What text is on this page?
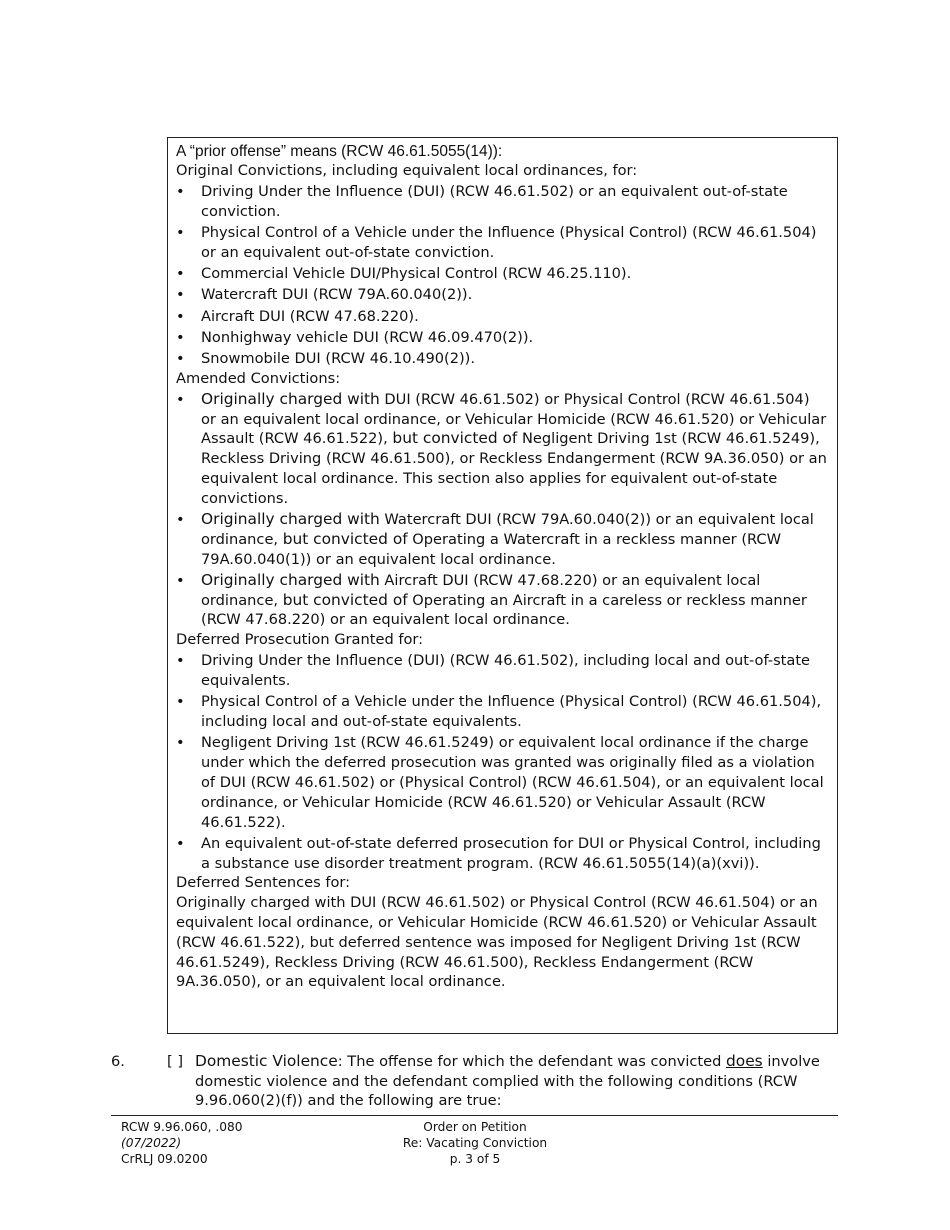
A “prior offense” means (RCW 46.61.5055(14)):

Original Convictions, including equivalent local ordinances, for:

• Driving Under the Influence (DUI) (RCW 46.61.502) or an equivalent out-of-state conviction.
• Physical Control of a Vehicle under the Influence (Physical Control) (RCW 46.61.504) or an equivalent out-of-state conviction.
• Commercial Vehicle DUI/Physical Control (RCW 46.25.110).
• Watercraft DUI (RCW 79A.60.040(2)).
• Aircraft DUI (RCW 47.68.220).
• Nonhighway vehicle DUI (RCW 46.09.470(2)).
• Snowmobile DUI (RCW 46.10.490(2)).

Amended Convictions:

• Originally charged with DUI (RCW 46.61.502) or Physical Control (RCW 46.61.504) or an equivalent local ordinance, or Vehicular Homicide (RCW 46.61.520) or Vehicular Assault (RCW 46.61.522), but convicted of Negligent Driving 1st (RCW 46.61.5249), Reckless Driving (RCW 46.61.500), or Reckless Endangerment (RCW 9A.36.050) or an equivalent local ordinance. This section also applies for equivalent out-of-state convictions.
• Originally charged with Watercraft DUI (RCW 79A.60.040(2)) or an equivalent local ordinance, but convicted of Operating a Watercraft in a reckless manner (RCW 79A.60.040(1)) or an equivalent local ordinance.
• Originally charged with Aircraft DUI (RCW 47.68.220) or an equivalent local ordinance, but convicted of Operating an Aircraft in a careless or reckless manner (RCW 47.68.220) or an equivalent local ordinance.

Deferred Prosecution Granted for:

• Driving Under the Influence (DUI) (RCW 46.61.502), including local and out-of-state equivalents.
• Physical Control of a Vehicle under the Influence (Physical Control) (RCW 46.61.504), including local and out-of-state equivalents.
• Negligent Driving 1st (RCW 46.61.5249) or equivalent local ordinance if the charge under which the deferred prosecution was granted was originally filed as a violation of DUI (RCW 46.61.502) or (Physical Control) (RCW 46.61.504), or an equivalent local ordinance, or Vehicular Homicide (RCW 46.61.520) or Vehicular Assault (RCW 46.61.522).
• An equivalent out-of-state deferred prosecution for DUI or Physical Control, including a substance use disorder treatment program. (RCW 46.61.5055(14)(a)(xvi)).

Deferred Sentences for:

Originally charged with DUI (RCW 46.61.502) or Physical Control (RCW 46.61.504) or an equivalent local ordinance, or Vehicular Homicide (RCW 46.61.520) or Vehicular Assault (RCW 46.61.522), but deferred sentence was imposed for Negligent Driving 1st (RCW 46.61.5249), Reckless Driving (RCW 46.61.500), Reckless Endangerment (RCW 9A.36.050), or an equivalent local ordinance.

6.	[ ] Domestic Violence: The offense for which the defendant was convicted does involve domestic violence and the defendant complied with the following conditions (RCW 9.96.060(2)(f)) and the following are true:
RCW 9.96.060, .080
(07/2022)
CrRLJ 09.0200
Order on Petition
Re: Vacating Conviction
p. 3 of 5
